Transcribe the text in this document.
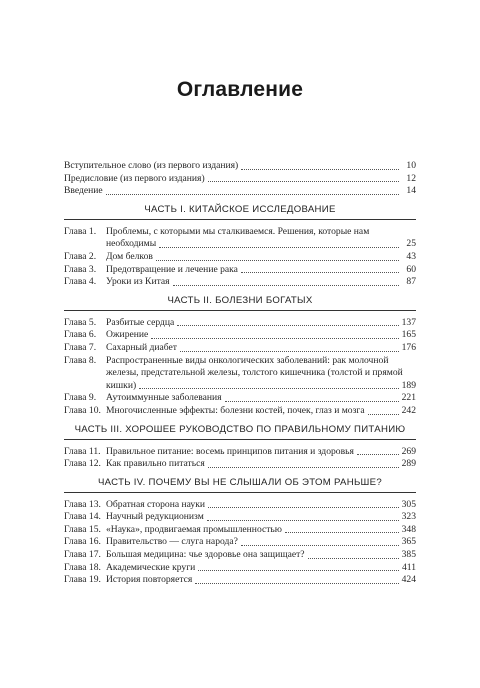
Оглавление
Вступительное слово (из первого издания)	10
Предисловие (из первого издания)	12
Введение	14
ЧАСТЬ I. КИТАЙСКОЕ ИССЛЕДОВАНИЕ
Глава 1.	Проблемы, с которыми мы сталкиваемся. Решения, которые нам
необходимы	25
Глава 2.	Дом белков	43
Глава 3.	Предотвращение и лечение рака	60
Глава 4.	Уроки из Китая	87
ЧАСТЬ II. БОЛЕЗНИ БОГАТЫХ
Глава 5.	Разбитые сердца	137
Глава 6.	Ожирение	165
Глава 7.	Сахарный диабет	176
Глава 8.	Распространенные виды онкологических заболеваний: рак молочной
железы, предстательной железы, толстого кишечника (толстой и прямой
кишки)	189
Глава 9.	Аутоиммунные заболевания	221
Глава 10. Многочисленные эффекты: болезни костей, почек, глаз и мозга	242
ЧАСТЬ III. ХОРОШЕЕ РУКОВОДСТВО ПО ПРАВИЛЬНОМУ ПИТАНИЮ
Глава 11. Правильное питание: восемь принципов питания и здоровья	269
Глава 12. Как правильно питаться	289
ЧАСТЬ IV. ПОЧЕМУ ВЫ НЕ СЛЫШАЛИ ОБ ЭТОМ РАНЬШЕ?
Глава 13. Обратная сторона науки	305
Глава 14. Научный редукционизм	323
Глава 15. «Наука», продвигаемая промышленностью	348
Глава 16. Правительство — слуга народа?	365
Глава 17. Большая медицина: чье здоровье она защищает?	385
Глава 18. Академические круги	411
Глава 19. История повторяется	424
